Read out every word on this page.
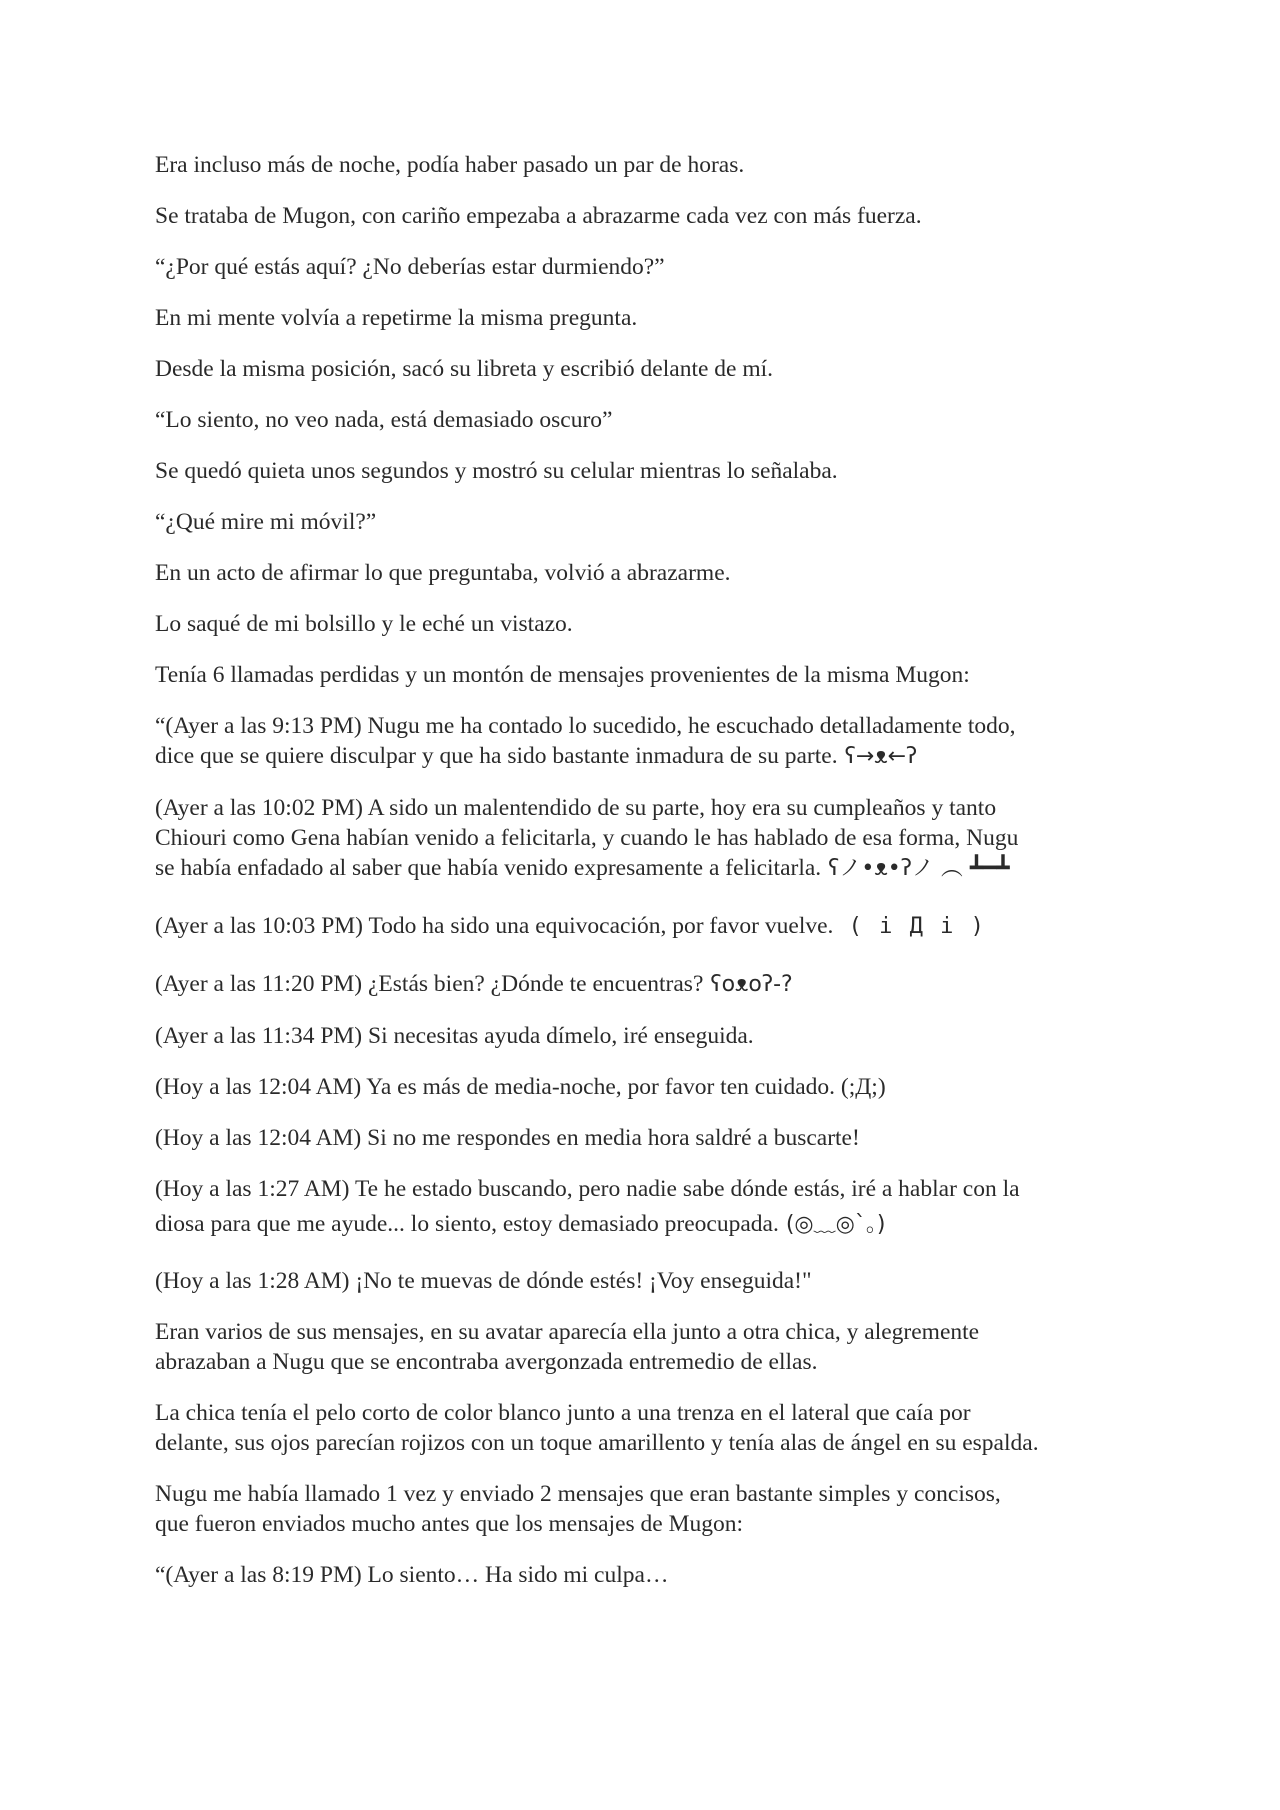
Era incluso más de noche, podía haber pasado un par de horas.

Se trataba de Mugon, con cariño empezaba a abrazarme cada vez con más fuerza.

“¿Por qué estás aquí? ¿No deberías estar durmiendo?”

En mi mente volvía a repetirme la misma pregunta.

Desde la misma posición, sacó su libreta y escribió delante de mí.

“Lo siento, no veo nada, está demasiado oscuro”

Se quedó quieta unos segundos y mostró su celular mientras lo señalaba.

“¿Qué mire mi móvil?”

En un acto de afirmar lo que preguntaba, volvió a abrazarme.

Lo saqué de mi bolsillo y le eché un vistazo.

Tenía 6 llamadas perdidas y un montón de mensajes provenientes de la misma Mugon:

“(Ayer a las 9:13 PM) Nugu me ha contado lo sucedido, he escuchado detalladamente todo,
dice que se quiere disculpar y que ha sido bastante inmadura de su parte. ʕ→ᴥ←ʔ

(Ayer a las 10:02 PM) A sido un malentendido de su parte, hoy era su cumpleaños y tanto
Chiouri como Gena habían venido a felicitarla, y cuando le has hablado de esa forma, Nugu
se había enfadado al saber que había venido expresamente a felicitarla. ʕノ•ᴥ•ʔノ ︵ ┻━┻

(Ayer a las 10:03 PM) Todo ha sido una equivocación, por favor vuelve. ( i Д i )

(Ayer a las 11:20 PM) ¿Estás bien? ¿Dónde te encuentras? ʕoᴥoʔ-?

(Ayer a las 11:34 PM) Si necesitas ayuda dímelo, iré enseguida.

(Hoy a las 12:04 AM) Ya es más de media-noche, por favor ten cuidado. (;Д;)

(Hoy a las 12:04 AM) Si no me respondes en media hora saldré a buscarte!

(Hoy a las 1:27 AM) Te he estado buscando, pero nadie sabe dónde estás, iré a hablar con la
diosa para que me ayude... lo siento, estoy demasiado preocupada. (◎﹏◎`。)

(Hoy a las 1:28 AM) ¡No te muevas de dónde estés! ¡Voy enseguida!"

Eran varios de sus mensajes, en su avatar aparecía ella junto a otra chica, y alegremente
abrazaban a Nugu que se encontraba avergonzada entremedio de ellas.

La chica tenía el pelo corto de color blanco junto a una trenza en el lateral que caía por
delante, sus ojos parecían rojizos con un toque amarillento y tenía alas de ángel en su espalda.

Nugu me había llamado 1 vez y enviado 2 mensajes que eran bastante simples y concisos,
que fueron enviados mucho antes que los mensajes de Mugon:

“(Ayer a las 8:19 PM) Lo siento… Ha sido mi culpa…
